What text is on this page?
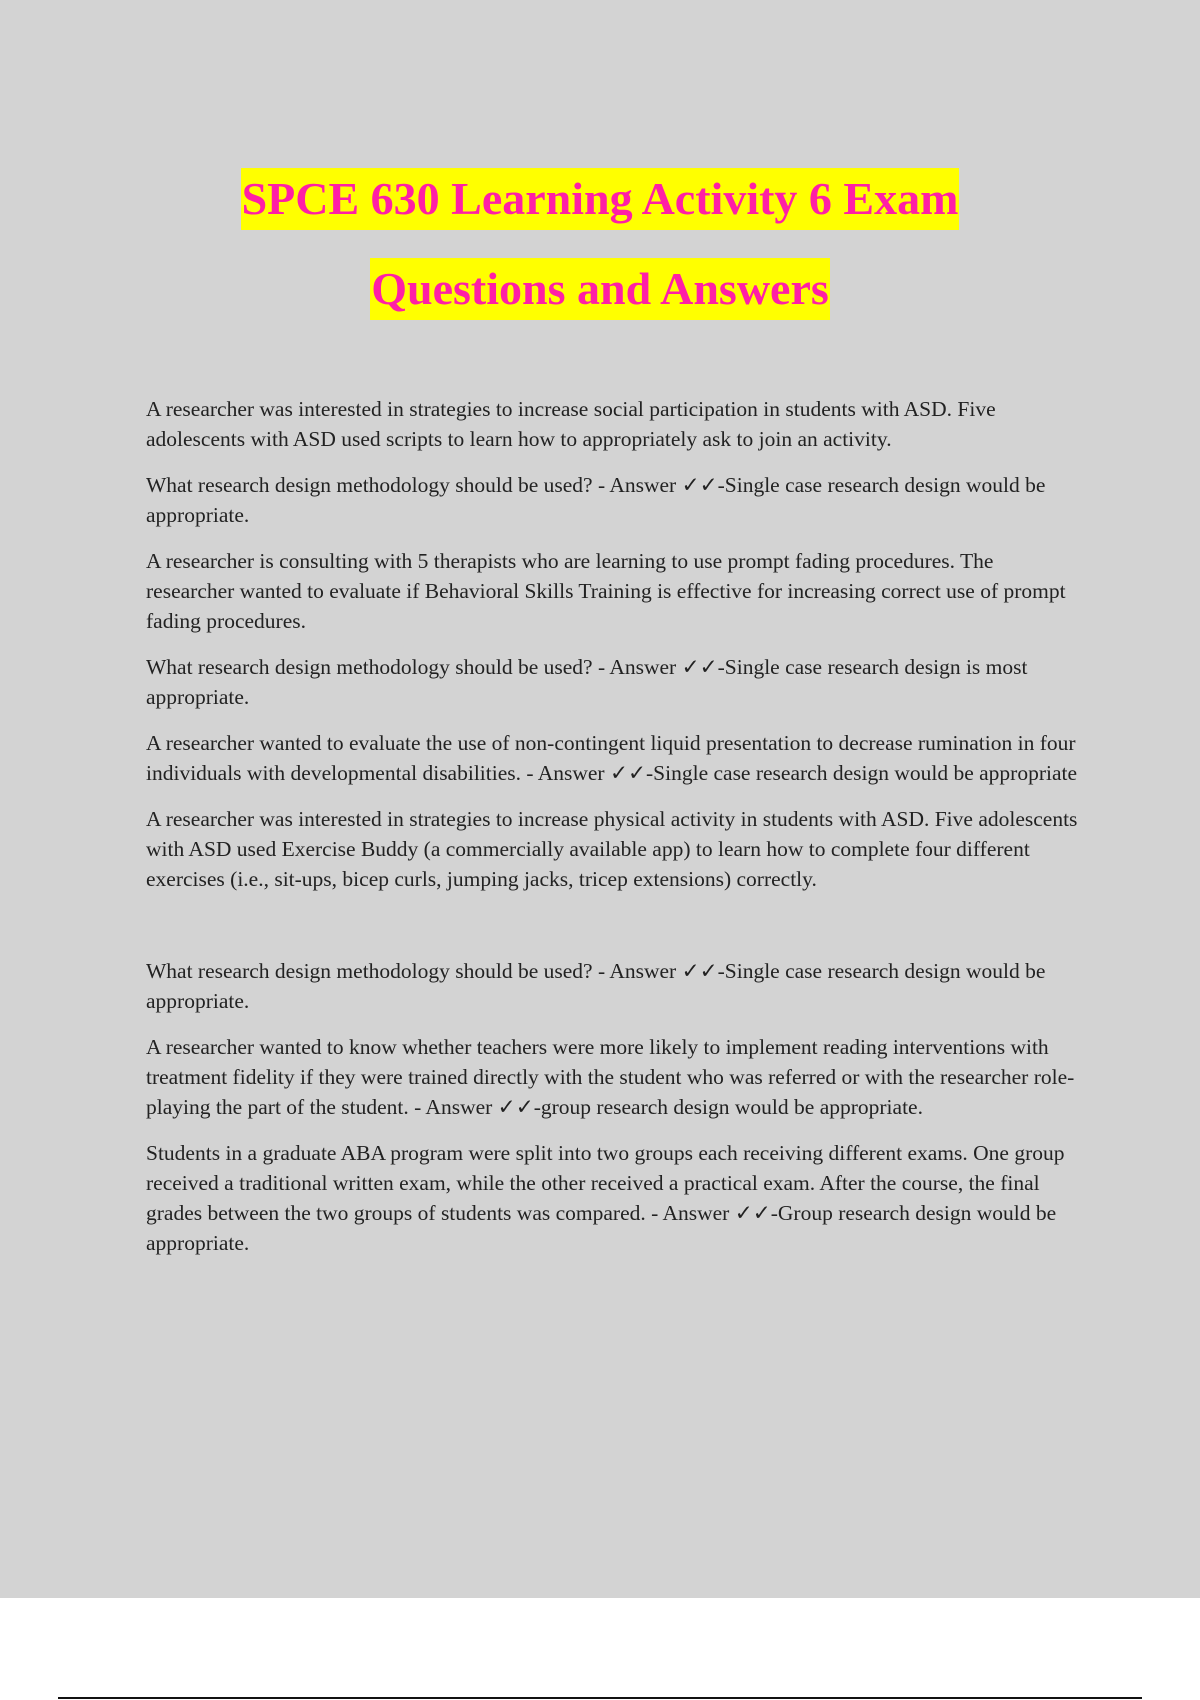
SPCE 630 Learning Activity 6 Exam
Questions and Answers

A researcher was interested in strategies to increase social participation in students with ASD. Five adolescents with ASD used scripts to learn how to appropriately ask to join an activity.

What research design methodology should be used? - Answer ✓✓-Single case research design would be appropriate.

A researcher is consulting with 5 therapists who are learning to use prompt fading procedures. The researcher wanted to evaluate if Behavioral Skills Training is effective for increasing correct use of prompt fading procedures.

What research design methodology should be used? - Answer ✓✓-Single case research design is most appropriate.

A researcher wanted to evaluate the use of non-contingent liquid presentation to decrease rumination in four individuals with developmental disabilities. - Answer ✓✓-Single case research design would be appropriate

A researcher was interested in strategies to increase physical activity in students with ASD. Five adolescents with ASD used Exercise Buddy (a commercially available app) to learn how to complete four different exercises (i.e., sit-ups, bicep curls, jumping jacks, tricep extensions) correctly.

What research design methodology should be used? - Answer ✓✓-Single case research design would be appropriate.

A researcher wanted to know whether teachers were more likely to implement reading interventions with treatment fidelity if they were trained directly with the student who was referred or with the researcher role-playing the part of the student. - Answer ✓✓-group research design would be appropriate.

Students in a graduate ABA program were split into two groups each receiving different exams. One group received a traditional written exam, while the other received a practical exam. After the course, the final grades between the two groups of students was compared. - Answer ✓✓-Group research design would be appropriate.
